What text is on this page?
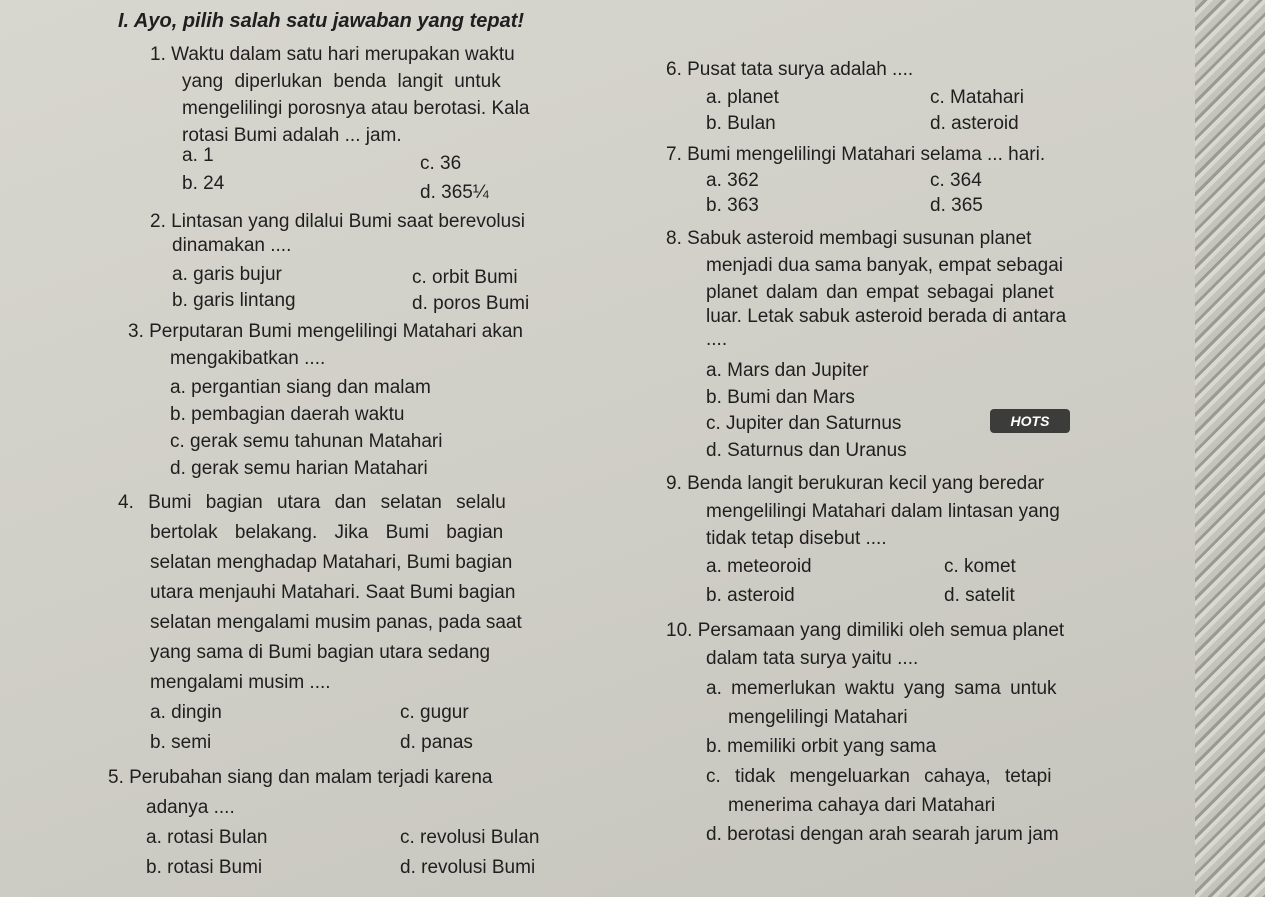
I. Ayo, pilih salah satu jawaban yang tepat!
1. Waktu dalam satu hari merupakan waktu
yang diperlukan benda langit untuk
mengelilingi porosnya atau berotasi. Kala
rotasi Bumi adalah ... jam.
a. 1	c. 36
b. 24	d. 365¼
2. Lintasan yang dilalui Bumi saat berevolusi
dinamakan ....
a. garis bujur	c. orbit Bumi
b. garis lintang	d. poros Bumi
3. Perputaran Bumi mengelilingi Matahari akan
mengakibatkan ....
a. pergantian siang dan malam
b. pembagian daerah waktu
c. gerak semu tahunan Matahari
d. gerak semu harian Matahari
4. Bumi bagian utara dan selatan selalu
bertolak belakang. Jika Bumi bagian
selatan menghadap Matahari, Bumi bagian
utara menjauhi Matahari. Saat Bumi bagian
selatan mengalami musim panas, pada saat
yang sama di Bumi bagian utara sedang
mengalami musim ....
a. dingin	c. gugur
b. semi	d. panas
5. Perubahan siang dan malam terjadi karena
adanya ....
a. rotasi Bulan	c. revolusi Bulan
b. rotasi Bumi	d. revolusi Bumi
6. Pusat tata surya adalah ....
a. planet	c. Matahari
b. Bulan	d. asteroid
7. Bumi mengelilingi Matahari selama ... hari.
a. 362	c. 364
b. 363	d. 365
8. Sabuk asteroid membagi susunan planet
menjadi dua sama banyak, empat sebagai
planet dalam dan empat sebagai planet
luar. Letak sabuk asteroid berada di antara
....
a. Mars dan Jupiter
b. Bumi dan Mars
c. Jupiter dan Saturnus	HOTS
d. Saturnus dan Uranus
9. Benda langit berukuran kecil yang beredar
mengelilingi Matahari dalam lintasan yang
tidak tetap disebut ....
a. meteoroid	c. komet
b. asteroid	d. satelit
10. Persamaan yang dimiliki oleh semua planet
dalam tata surya yaitu ....
a. memerlukan waktu yang sama untuk
mengelilingi Matahari
b. memiliki orbit yang sama
c. tidak mengeluarkan cahaya, tetapi
menerima cahaya dari Matahari
d. berotasi dengan arah searah jarum jam
